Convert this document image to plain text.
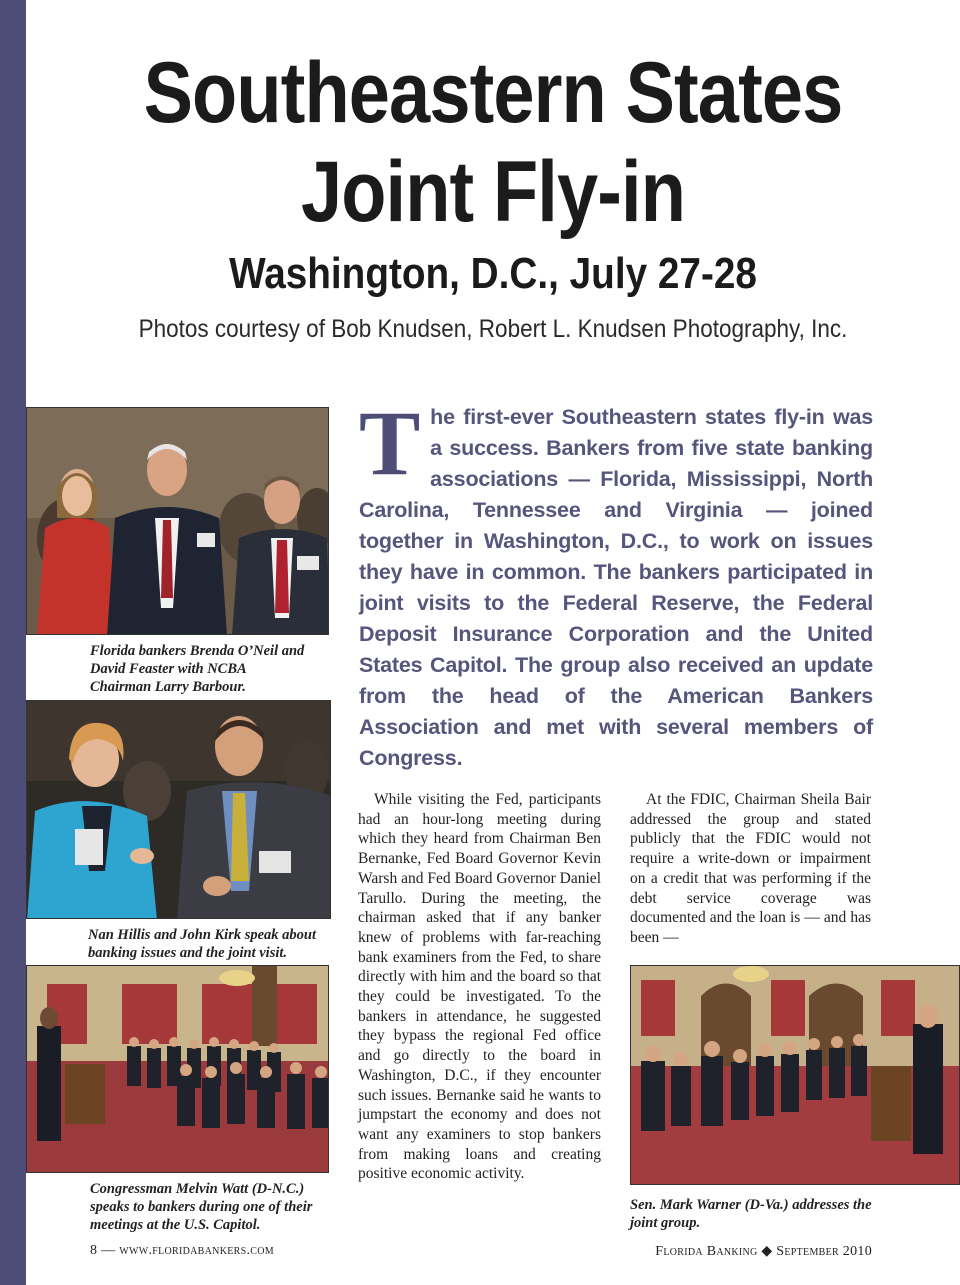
Southeastern States
Joint Fly-in
Washington, D.C., July 27-28
Photos courtesy of Bob Knudsen, Robert L. Knudsen Photography, Inc.
Florida bankers Brenda O’Neil and David Feaster with NCBA Chairman Larry Barbour.
Nan Hillis and John Kirk speak about banking issues and the joint visit.
Congressman Melvin Watt (D-N.C.) speaks to bankers during one of their meetings at the U.S. Capitol.
Sen. Mark Warner (D-Va.) addresses the joint group.
The first-ever Southeastern states fly-in was a success. Bankers from five state banking associations — Florida, Mississippi, North Carolina, Tennessee and Virginia — joined together in Washington, D.C., to work on issues they have in common. The bankers participated in joint visits to the Federal Reserve, the Federal Deposit Insurance Corporation and the United States Capitol. The group also received an update from the head of the American Bankers Association and met with several members of Congress.

While visiting the Fed, participants had an hour-long meeting during which they heard from Chairman Ben Bernanke, Fed Board Governor Kevin Warsh and Fed Board Governor Daniel Tarullo. During the meeting, the chairman asked that if any banker knew of problems with far-reaching bank examiners from the Fed, to share directly with him and the board so that they could be investigated. To the bankers in attendance, he suggested they bypass the regional Fed office and go directly to the board in Washington, D.C., if they encounter such issues. Bernanke said he wants to jumpstart the economy and does not want any examiners to stop bankers from making loans and creating positive economic activity.

At the FDIC, Chairman Sheila Bair addressed the group and stated publicly that the FDIC would not require a write-down or impairment on a credit that was performing if the debt service coverage was documented and the loan is — and has been —

8 — www.floridabankers.com	Florida Banking ◆ September 2010
